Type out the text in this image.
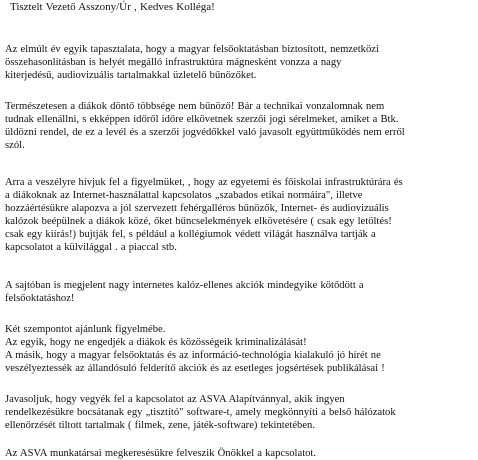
Tisztelt Vezető Asszony/Úr , Kedves Kolléga!
Az elmúlt év egyik tapasztalata, hogy a magyar felsőoktatásban biztosított, nemzetközi
összehasonlításban is helyét megálló infrastruktúra mágnesként vonzza a nagy
kiterjedésű, audiovizuális tartalmakkal üzletelő bűnözőket.
Természetesen a diákok döntő többsége nem bűnöző! Bár a technikai vonzalomnak nem
tudnak ellenállni, s ekképpen időről időre elkövetnek szerzői jogi sérelmeket, amiket a Btk.
üldözni rendel, de ez a levél és a szerzői jogvédőkkel való javasolt együttműködés nem erről
szól.
Arra a veszélyre hívjuk fel a figyelmüket, , hogy az egyetemi és főiskolai infrastruktúrára és
a diákoknak az Internet-használattal kapcsolatos „szabados etikai normáira", illetve
hozzáértésükre alapozva a jól szervezett fehérgalléros bűnözők, Internet- és audiovizuális
kalózok beépülnek a diákok közé, őket bűncselekmények elkövetésére ( csak egy letöltés!
csak egy kiírás!) bujtják fel, s például a kollégiumok védett világát használva tartják a
kapcsolatot a külvilággal . a piaccal stb.
A sajtóban is megjelent nagy internetes kalóz-ellenes akciók mindegyike kötődött a
felsőoktatáshoz!
Két szempontot ajánlunk figyelmébe.
Az egyik, hogy ne engedjék a diákok és közösségeik kriminalizálását!
A másik, hogy a magyar felsőoktatás és az információ-technológia kialakuló jó hírét ne
veszélyeztessék az állandósuló felderítő akciók és az esetleges jogsértések publikálásai !
Javasoljuk, hogy vegyék fel a kapcsolatot az ASVA Alapítvánnyal, akik ingyen
rendelkezésükre bocsátanak egy „tisztító" software-t, amely megkönnyíti a belső hálózatok
ellenőrzését tiltott tartalmak ( filmek, zene, játék-software) tekintetében.
Az ASVA munkatársai megkeresésükre felveszik Önökkel a kapcsolatot.
